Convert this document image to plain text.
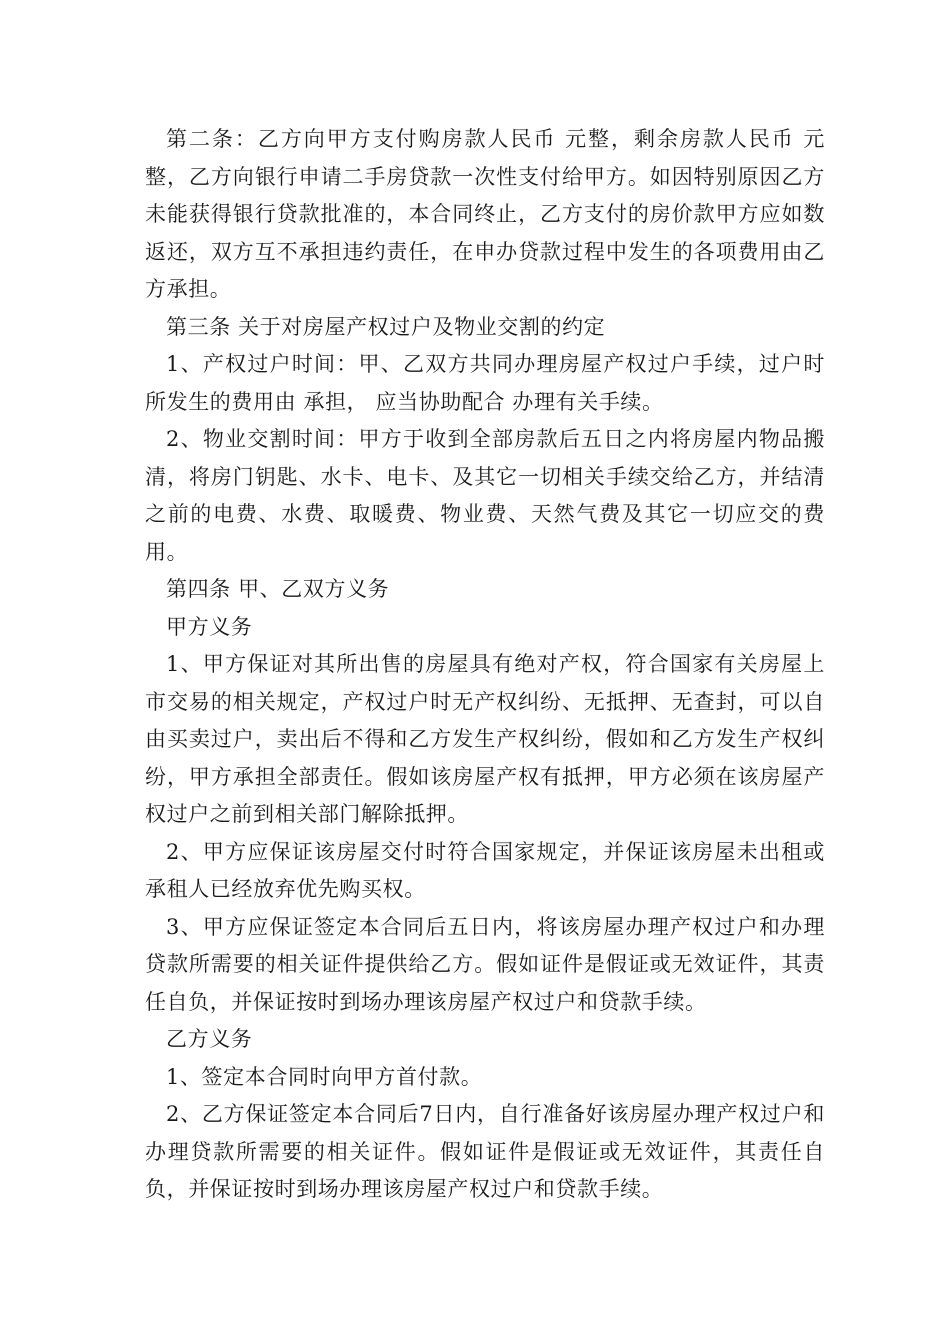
第二条：乙方向甲方支付购房款人民币 元整，剩余房款人民币 元整，乙方向银行申请二手房贷款一次性支付给甲方。如因特别原因乙方未能获得银行贷款批准的，本合同终止，乙方支付的房价款甲方应如数返还，双方互不承担违约责任，在申办贷款过程中发生的各项费用由乙方承担。

第三条 关于对房屋产权过户及物业交割的约定

1、产权过户时间：甲、乙双方共同办理房屋产权过户手续，过户时所发生的费用由 承担， 应当协助配合 办理有关手续。

2、物业交割时间：甲方于收到全部房款后五日之内将房屋内物品搬清，将房门钥匙、水卡、电卡、及其它一切相关手续交给乙方，并结清之前的电费、水费、取暖费、物业费、天然气费及其它一切应交的费用。

第四条 甲、乙双方义务

甲方义务

1、甲方保证对其所出售的房屋具有绝对产权，符合国家有关房屋上市交易的相关规定，产权过户时无产权纠纷、无抵押、无查封，可以自由买卖过户，卖出后不得和乙方发生产权纠纷，假如和乙方发生产权纠纷，甲方承担全部责任。假如该房屋产权有抵押，甲方必须在该房屋产权过户之前到相关部门解除抵押。

2、甲方应保证该房屋交付时符合国家规定，并保证该房屋未出租或承租人已经放弃优先购买权。

3、甲方应保证签定本合同后五日内，将该房屋办理产权过户和办理贷款所需要的相关证件提供给乙方。假如证件是假证或无效证件，其责任自负，并保证按时到场办理该房屋产权过户和贷款手续。

乙方义务

1、签定本合同时向甲方首付款。

2、乙方保证签定本合同后7日内，自行准备好该房屋办理产权过户和办理贷款所需要的相关证件。假如证件是假证或无效证件，其责任自负，并保证按时到场办理该房屋产权过户和贷款手续。
